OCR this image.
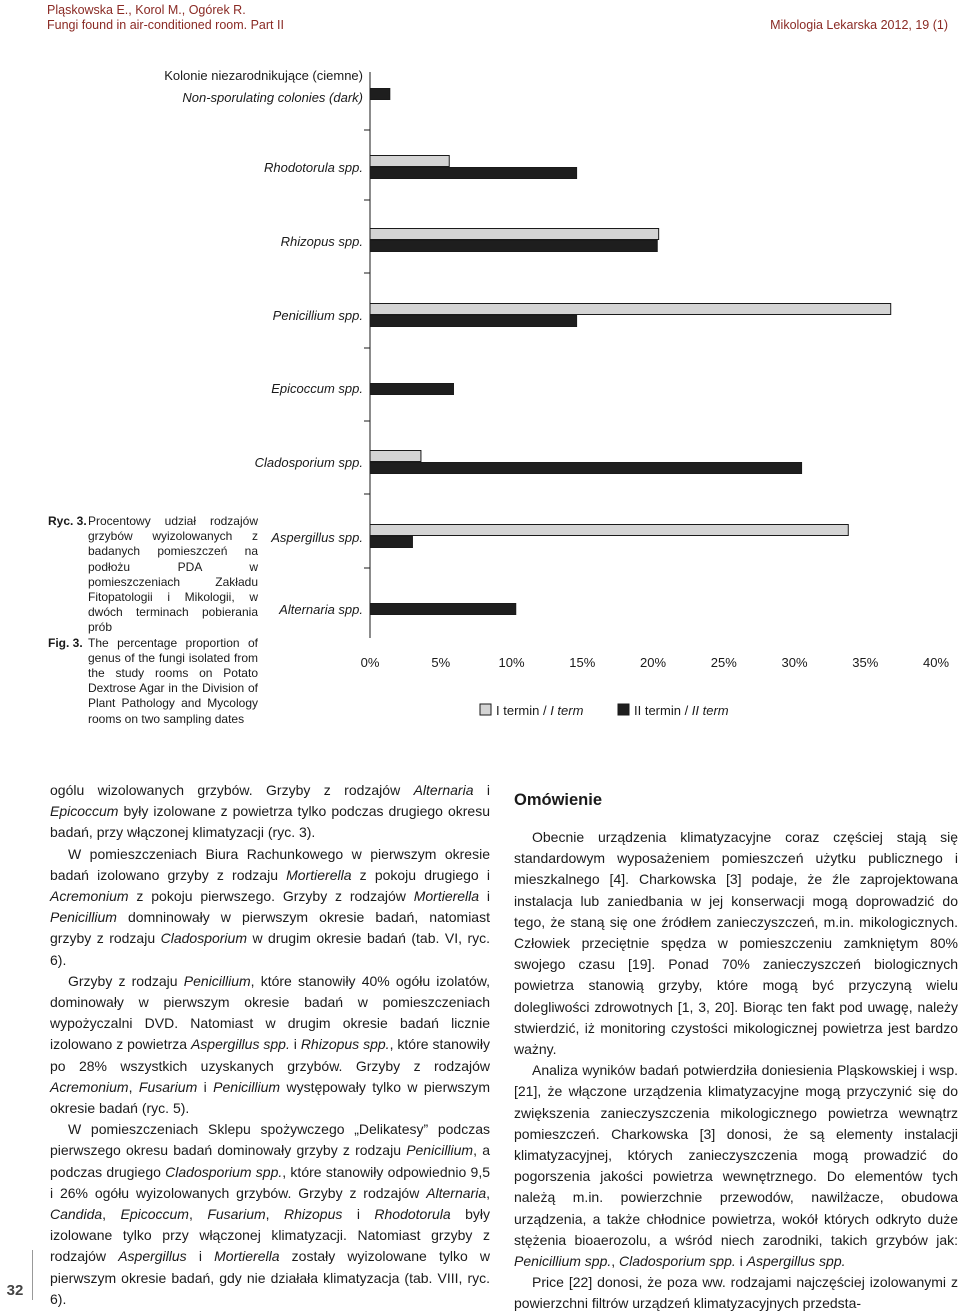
Pląskowska E., Korol M., Ogórek R.
Fungi found in air-conditioned room. Part II	Mikologia Lekarska 2012, 19 (1)
Kolonie niezarodnikujące (ciemne)
Non-sporulating colonies (dark)
Rhodotorula spp.
Rhizopus spp.
Penicillium spp.
Epicoccum spp.
Cladosporium spp.
Aspergillus spp.
Alternaria spp.
0%	5%	10%	15%	20%	25%	30%	35%	40%
I termin / I term	II termin / II term
Ryc. 3. Procentowy udział rodzajów grzybów wyizolowanych z badanych pomieszczeń na podłożu PDA w pomieszczeniach Zakładu Fitopatologii i Mikologii, w dwóch terminach pobierania prób
Fig. 3. The percentage proportion of genus of the fungi isolated from the study rooms on Potato Dextrose Agar in the Division of Plant Pathology and Mycology rooms on two sampling dates

ogólu wizolowanych grzybów. Grzyby z rodzajów Alternaria i Epicoccum były izolowane z powietrza tylko podczas drugiego okresu badań, przy włączonej klimatyzacji (ryc. 3).

W pomieszczeniach Biura Rachunkowego w pierwszym okresie badań izolowano grzyby z rodzaju Mortierella z pokoju drugiego i Acremonium z pokoju pierwszego. Grzyby z rodzajów Mortierella i Penicillium domninowały w pierwszym okresie badań, natomiast grzyby z rodzaju Cladosporium w drugim okresie badań (tab. VI, ryc. 6).

Grzyby z rodzaju Penicillium, które stanowiły 40% ogółu izolatów, dominowały w pierwszym okresie badań w pomieszczeniach wypożyczalni DVD. Natomiast w drugim okresie badań licznie izolowano z powietrza Aspergillus spp. i Rhizopus spp., które stanowiły po 28% wszystkich uzyskanych grzybów. Grzyby z rodzajów Acremonium, Fusarium i Penicillium występowały tylko w pierwszym okresie badań (ryc. 5).

W pomieszczeniach Sklepu spożywczego „Delikatesy” podczas pierwszego okresu badań dominowały grzyby z rodzaju Penicillium, a podczas drugiego Cladosporium spp., które stanowiły odpowiednio 9,5 i 26% ogółu wyizolowanych grzybów. Grzyby z rodzajów Alternaria, Candida, Epicoccum, Fusarium, Rhizopus i Rhodotorula były izolowane tylko przy włączonej klimatyzacji. Natomiast grzyby z rodzajów Aspergillus i Mortierella zostały wyizolowane tylko w pierwszym okresie badań, gdy nie działała klimatyzacja (tab. VIII, ryc. 6).

Omówienie

Obecnie urządzenia klimatyzacyjne coraz częściej stają się standardowym wyposażeniem pomieszczeń użytku publicznego i mieszkalnego [4]. Charkowska [3] podaje, że źle zaprojektowana instalacja lub zaniedbania w jej konserwacji mogą doprowadzić do tego, że staną się one źródłem zanieczyszczeń, m.in. mikologicznych. Człowiek przeciętnie spędza w pomieszczeniu zamkniętym 80% swojego czasu [19]. Ponad 70% zanieczyszczeń biologicznych powietrza stanowią grzyby, które mogą być przyczyną wielu dolegliwości zdrowotnych [1, 3, 20]. Biorąc ten fakt pod uwagę, należy stwierdzić, iż monitoring czystości mikologicznej powietrza jest bardzo ważny.

Analiza wyników badań potwierdziła doniesienia Pląskowskiej i wsp. [21], że włączone urządzenia klimatyzacyjne mogą przyczynić się do zwiększenia zanieczyszczenia mikologicznego powietrza wewnątrz pomieszczeń. Charkowska [3] donosi, że są elementy instalacji klimatyzacyjnej, których zanieczyszczenia mogą prowadzić do pogorszenia jakości powietrza wewnętrznego. Do elementów tych należą m.in. powierzchnie przewodów, nawilżacze, obudowa urządzenia, a także chłodnice powietrza, wokół których odkryto duże stężenia bioaerozolu, a wśród niech zarodniki, takich grzybów jak: Penicillium spp., Cladosporium spp. i Aspergillus spp.

Price [22] donosi, że poza ww. rodzajami najczęściej izolowanymi z powierzchni filtrów urządzeń klimatyzacyjnych przedsta-

32
